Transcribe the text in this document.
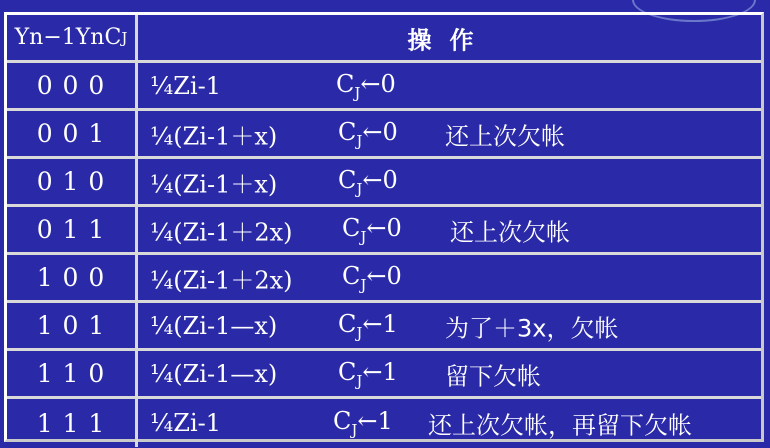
Yn−1YnC J	操作
0 0 0	¼Zi-1	$C_J\leftarrow 0$
0 0 1	¼(Zi-1＋x)	$C_J\leftarrow 0$ 还上次欠帐
0 1 0	¼(Zi-1＋x)	$C_J\leftarrow 0$
0 1 1	¼(Zi-1＋2x) $C_J\leftarrow 0$ 还上次欠帐
1 0 0	¼(Zi-1＋2x) $C_J\leftarrow 0$
1 0 1	¼(Zi-1—x)	$C_J\leftarrow 1$ 为了＋3x，欠帐
1 1 0	¼(Zi-1—x)	$C_J\leftarrow 1$ 留下欠帐
1 1 1	¼Zi-1	$C_J\leftarrow 1$ 还上次欠帐，再留下欠帐
